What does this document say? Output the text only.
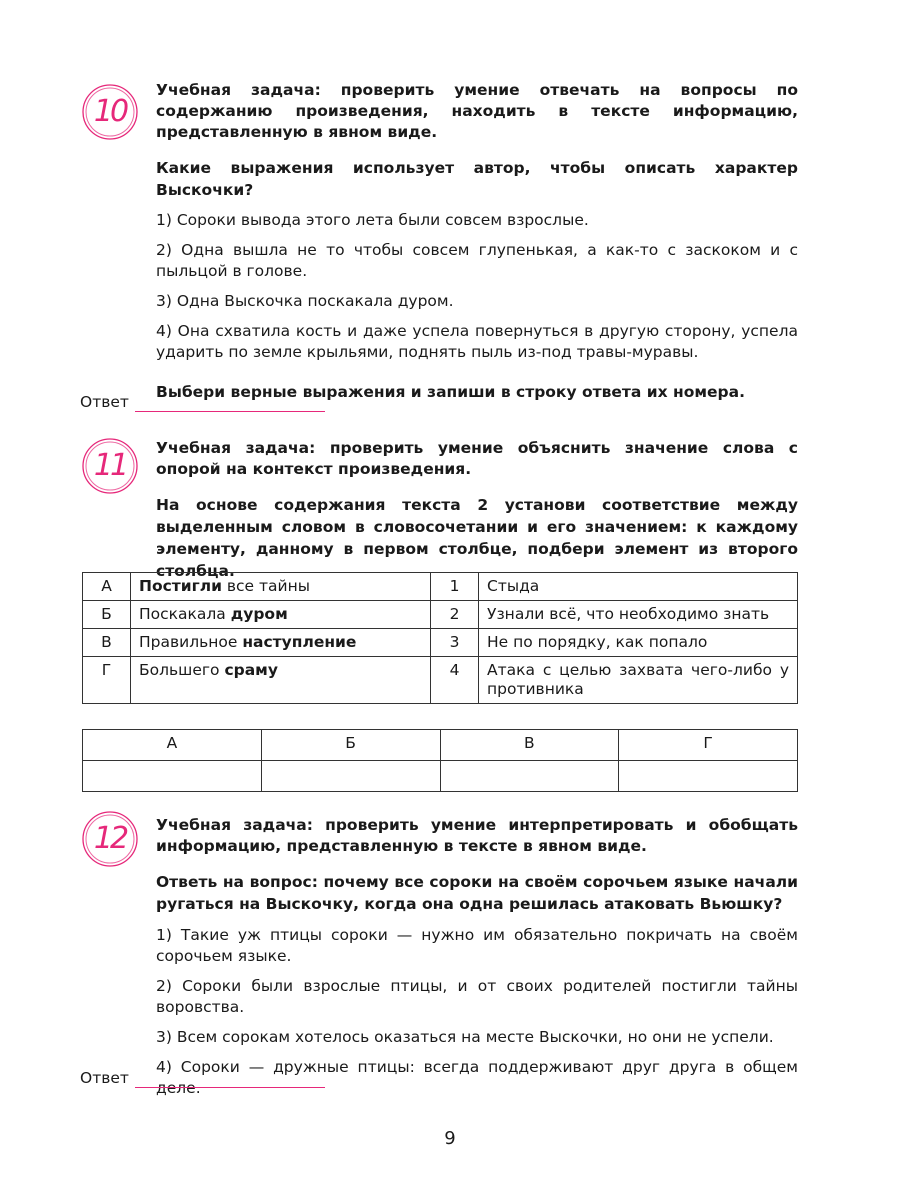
10

Учебная задача: проверить умение отвечать на вопросы по содержанию произведения, находить в тексте информацию, представленную в явном виде.

Какие выражения использует автор, чтобы описать характер Выскочки?

1) Сороки вывода этого лета были совсем взрослые.

2) Одна вышла не то чтобы совсем глупенькая, а как-то с заскоком и с пыльцой в голове.

3) Одна Выскочка поскакала дуром.

4) Она схватила кость и даже успела повернуться в другую сторону, успела ударить по земле крыльями, поднять пыль из-под травы-муравы.

Выбери верные выражения и запиши в строку ответа их номера.

Ответ
11	Учебная задача: проверить умение объяснить значение слова с опорой на контекст произведения.

На основе содержания текста 2 установи соответствие между выделенным словом в словосочетании и его значением: к каждому элементу, данному в первом столбце, подбери элемент из второго столбца.

А	Постигли все тайны	1	Стыда
Б	Поскакала дуром	2	Узнали всё, что необходимо знать
В	Правильное наступление	3	Не по порядку, как попало
Г	Большего сраму	4	Атака с целью захвата чего-либо у противника
А	Б	В	Г

12	Учебная задача: проверить умение интерпретировать и обобщать информацию, представленную в тексте в явном виде.

Ответь на вопрос: почему все сороки на своём сорочьем языке начали ругаться на Выскочку, когда она одна решилась атаковать Вьюшку?

1) Такие уж птицы сороки — нужно им обязательно покричать на своём сорочьем языке.

2) Сороки были взрослые птицы, и от своих родителей постигли тайны воровства.

3) Всем сорокам хотелось оказаться на месте Выскочки, но они не успели.

4) Сороки — дружные птицы: всегда поддерживают друг друга в общем деле.

Ответ
9
